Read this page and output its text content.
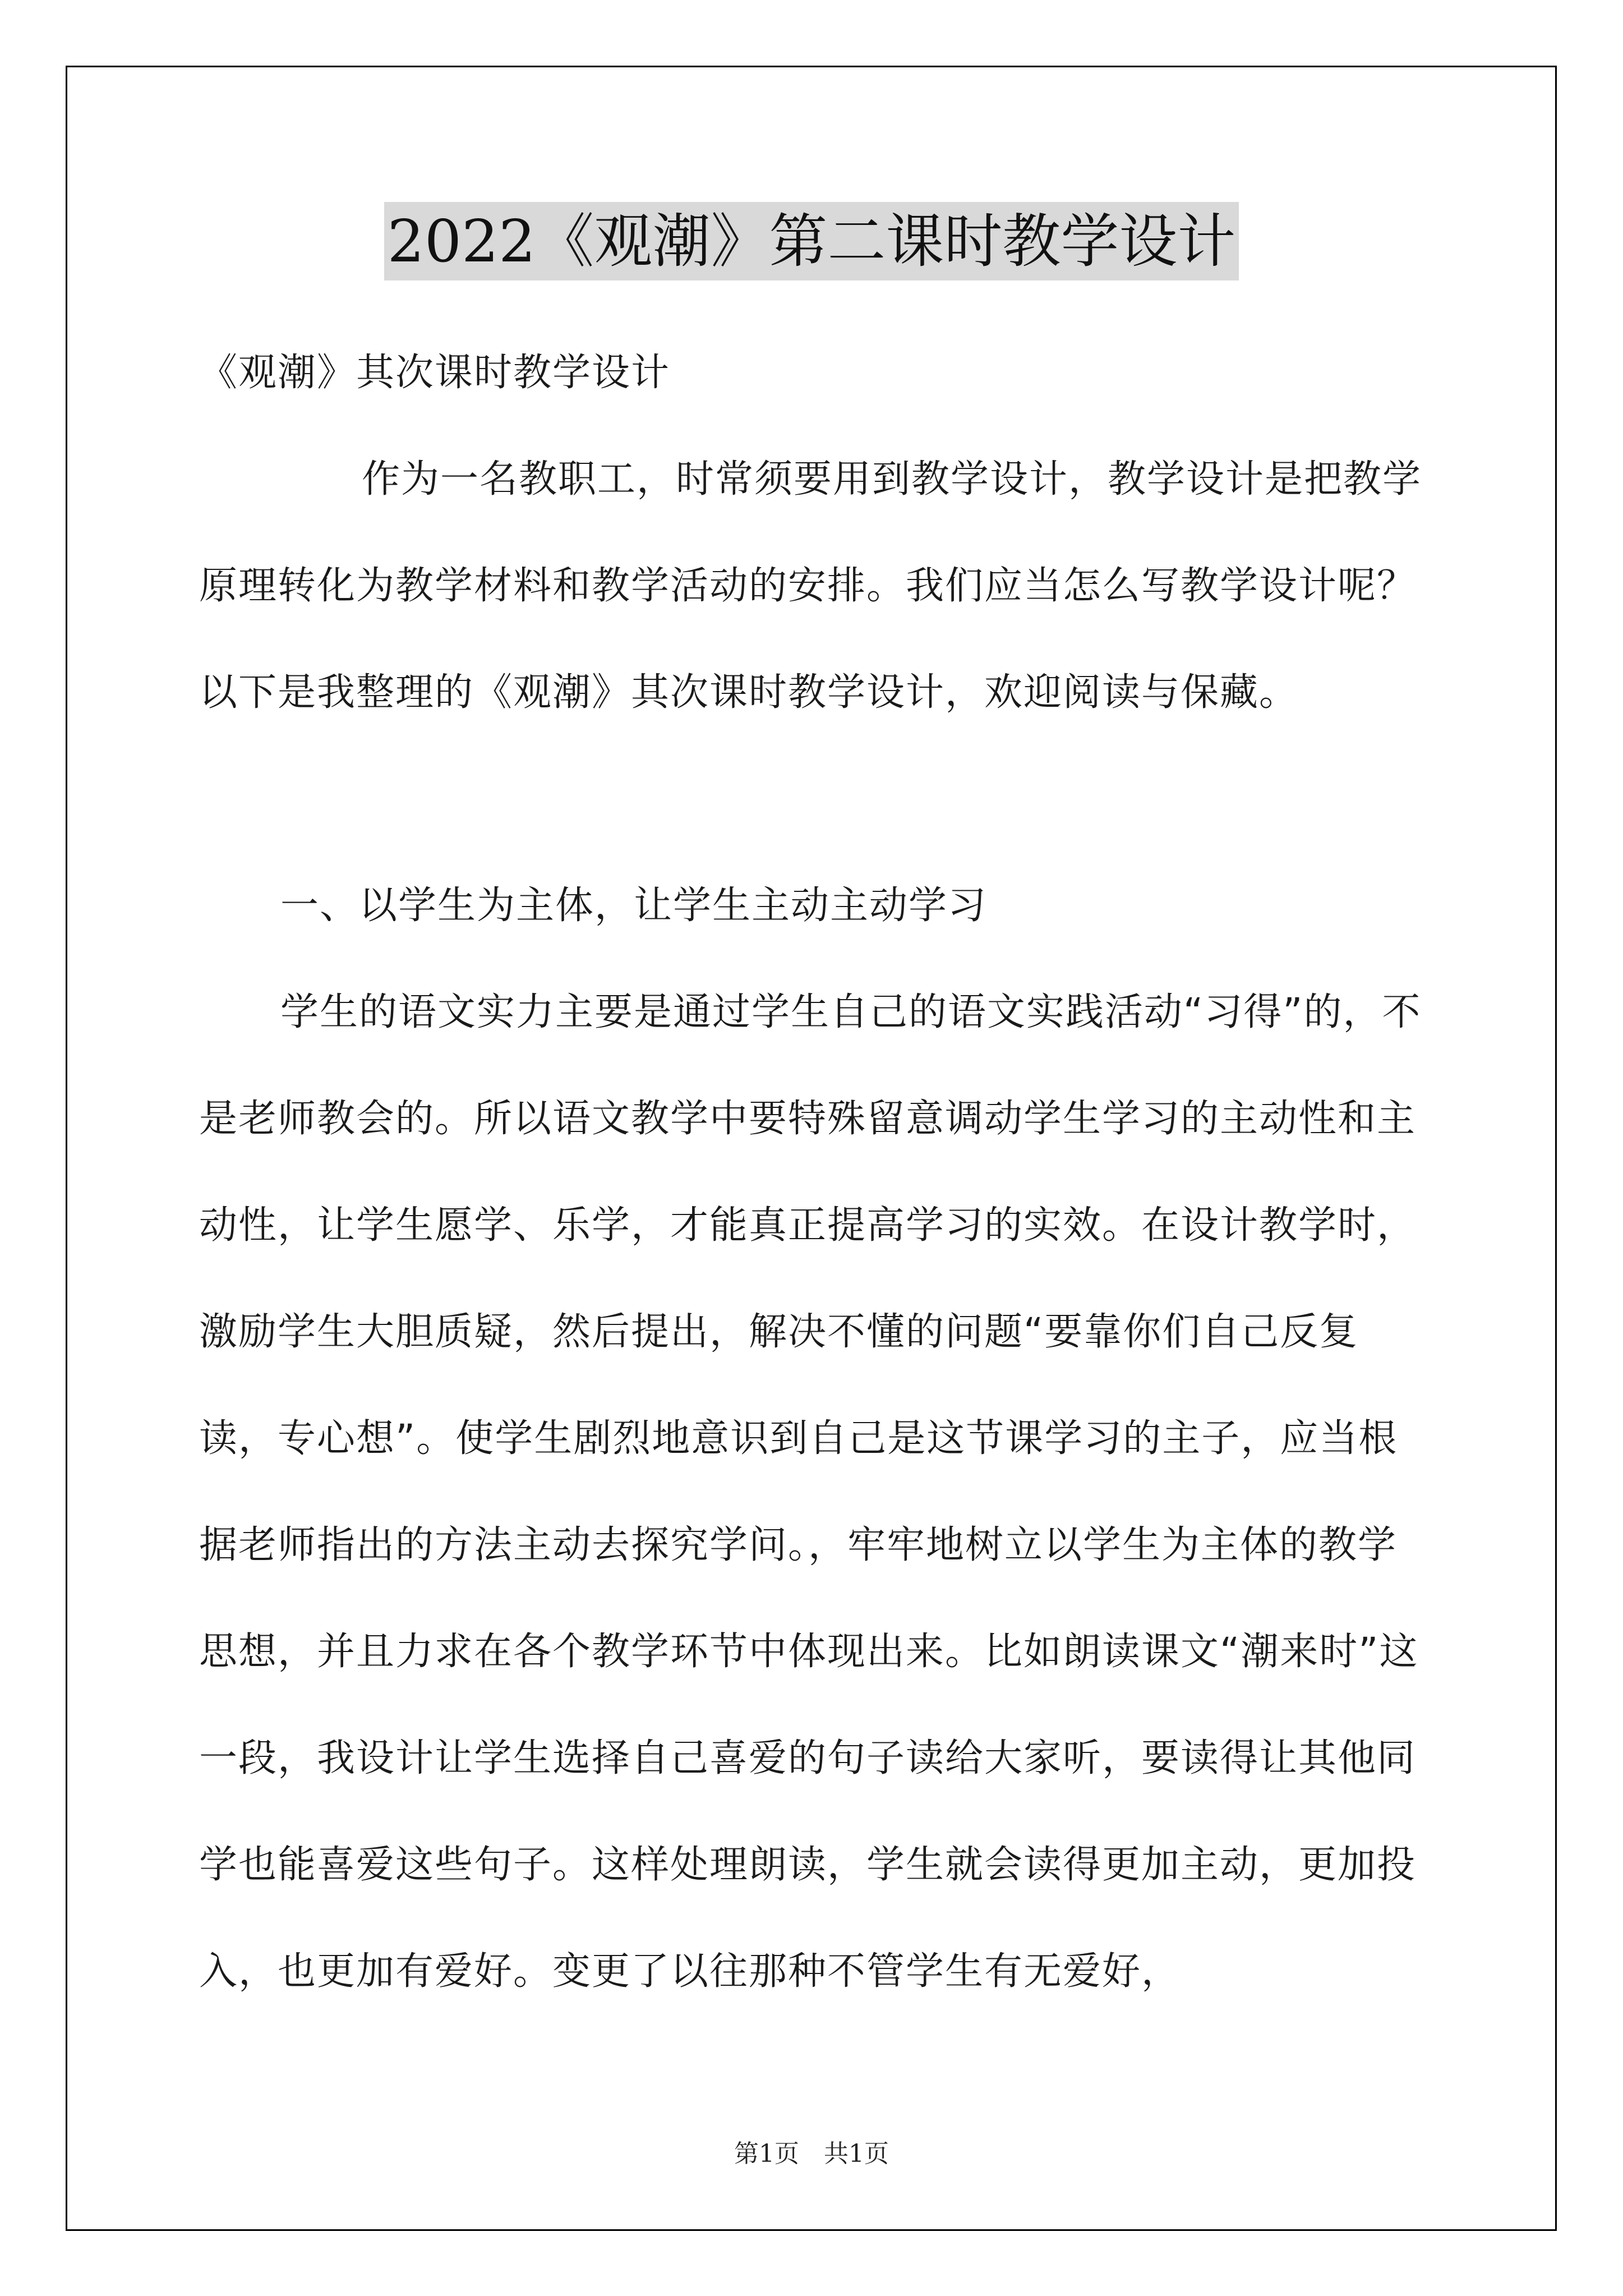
2022《观潮》第二课时教学设计

《观潮》其次课时教学设计

作为一名教职工，时常须要用到教学设计，教学设计是把教学原理转化为教学材料和教学活动的安排。我们应当怎么写教学设计呢？以下是我整理的《观潮》其次课时教学设计，欢迎阅读与保藏。

一、以学生为主体，让学生主动主动学习

学生的语文实力主要是通过学生自己的语文实践活动“习得”的，不是老师教会的。所以语文教学中要特殊留意调动学生学习的主动性和主动性，让学生愿学、乐学，才能真正提高学习的实效。在设计教学时，激励学生大胆质疑，然后提出，解决不懂的问题“要靠你们自己反复读，专心想”。使学生剧烈地意识到自己是这节课学习的主子，应当根据老师指出的方法主动去探究学问。，牢牢地树立以学生为主体的教学思想，并且力求在各个教学环节中体现出来。比如朗读课文“潮来时”这一段，我设计让学生选择自己喜爱的句子读给大家听，要读得让其他同学也能喜爱这些句子。这样处理朗读，学生就会读得更加主动，更加投入，也更加有爱好。变更了以往那种不管学生有无爱好，

第1页　共1页
